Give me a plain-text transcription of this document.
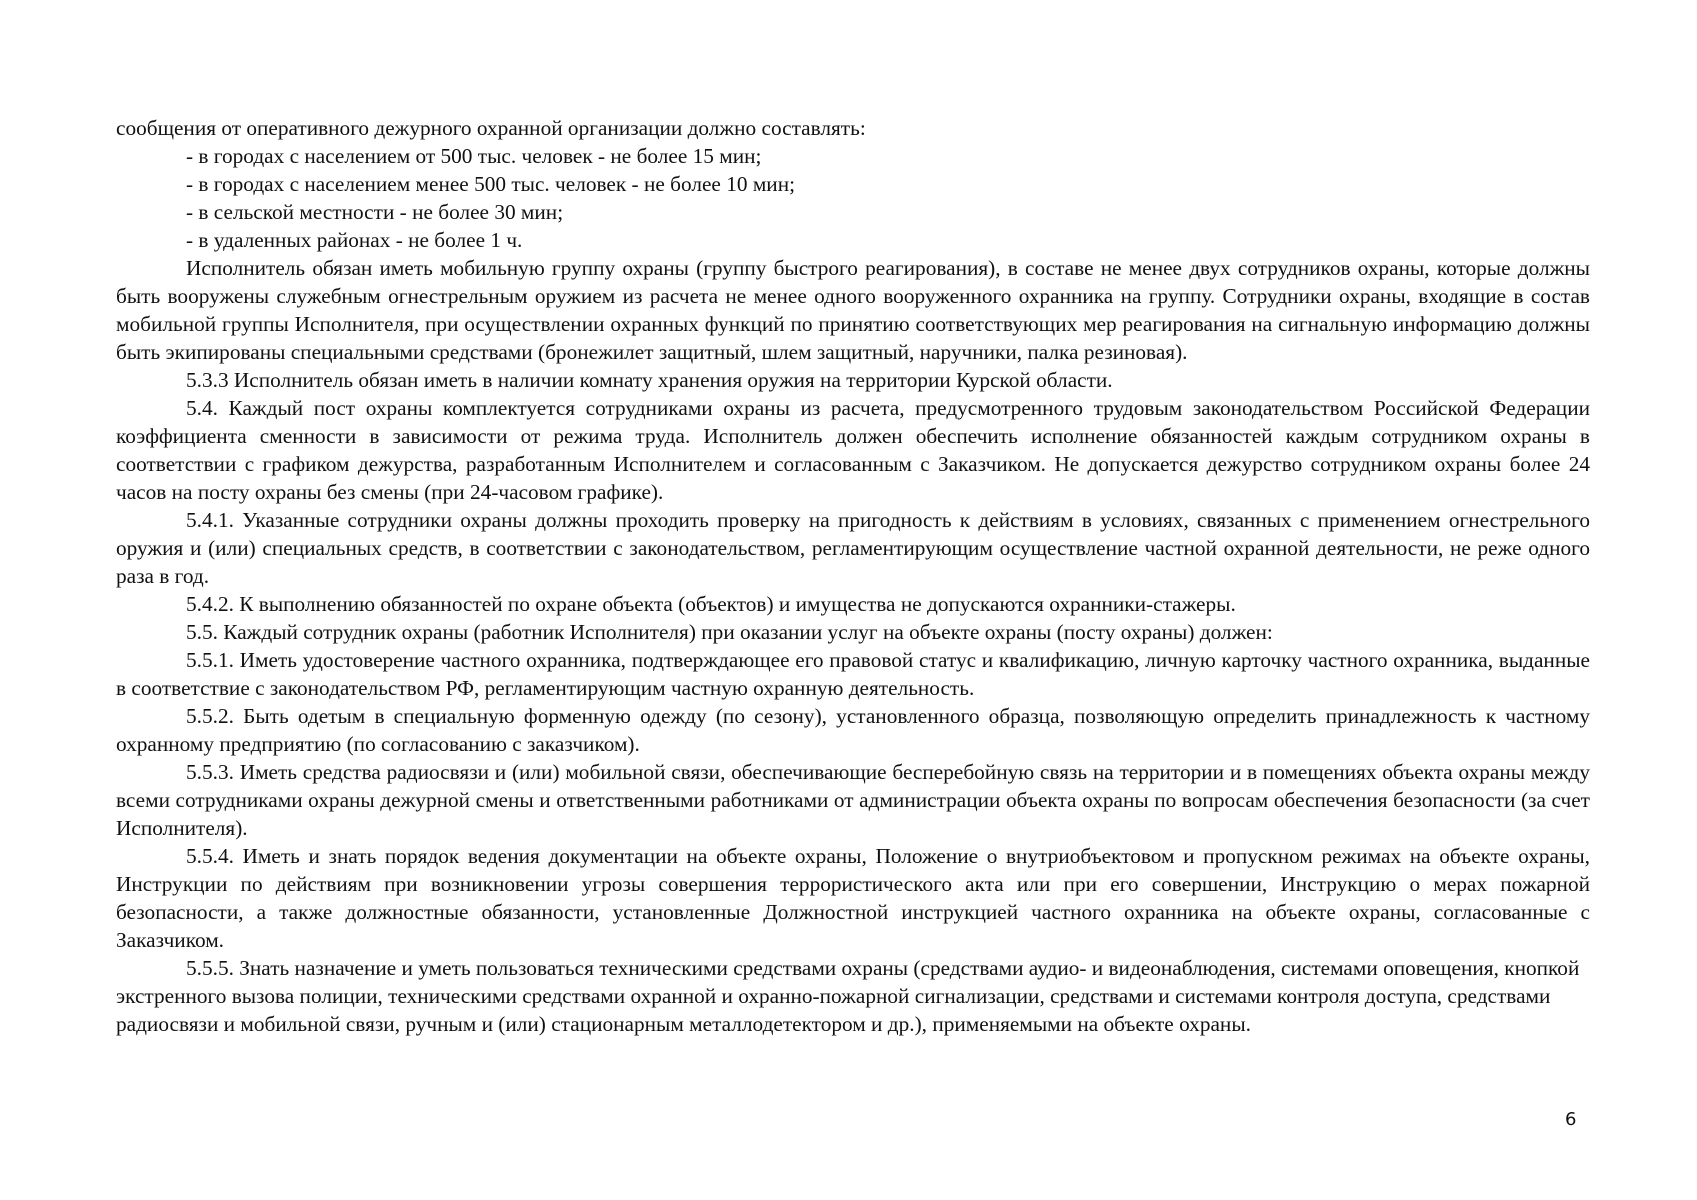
сообщения от оперативного дежурного охранной организации должно составлять:

- в городах с населением от 500 тыс. человек - не более 15 мин;

- в городах с населением менее 500 тыс. человек - не более 10 мин;

- в сельской местности - не более 30 мин;

- в удаленных районах - не более 1 ч.

Исполнитель обязан иметь мобильную группу охраны (группу быстрого реагирования), в составе не менее двух сотрудников охраны, которые должны быть вооружены служебным огнестрельным оружием из расчета не менее одного вооруженного охранника на группу. Сотрудники охраны, входящие в состав мобильной группы Исполнителя, при осуществлении охранных функций по принятию соответствующих мер реагирования на сигнальную информацию должны быть экипированы специальными средствами (бронежилет защитный, шлем защитный, наручники, палка резиновая).

5.3.3 Исполнитель обязан иметь в наличии комнату хранения оружия на территории Курской области.

5.4. Каждый пост охраны комплектуется сотрудниками охраны из расчета, предусмотренного трудовым законодательством Российской Федерации коэффициента сменности в зависимости от режима труда. Исполнитель должен обеспечить исполнение обязанностей каждым сотрудником охраны в соответствии с графиком дежурства, разработанным Исполнителем и согласованным с Заказчиком. Не допускается дежурство сотрудником охраны более 24 часов на посту охраны без смены (при 24-часовом графике).

5.4.1. Указанные сотрудники охраны должны проходить проверку на пригодность к действиям в условиях, связанных с применением огнестрельного оружия и (или) специальных средств, в соответствии с законодательством, регламентирующим осуществление частной охранной деятельности, не реже одного раза в год.

5.4.2. К выполнению обязанностей по охране объекта (объектов) и имущества не допускаются охранники-стажеры.

5.5. Каждый сотрудник охраны (работник Исполнителя) при оказании услуг на объекте охраны (посту охраны) должен:

5.5.1. Иметь удостоверение частного охранника, подтверждающее его правовой статус и квалификацию, личную карточку частного охранника, выданные в соответствие с законодательством РФ, регламентирующим частную охранную деятельность.

5.5.2. Быть одетым в специальную форменную одежду (по сезону), установленного образца, позволяющую определить принадлежность к частному охранному предприятию (по согласованию с заказчиком).

5.5.3. Иметь средства радиосвязи и (или) мобильной связи, обеспечивающие бесперебойную связь на территории и в помещениях объекта охраны между всеми сотрудниками охраны дежурной смены и ответственными работниками от администрации объекта охраны по вопросам обеспечения безопасности (за счет Исполнителя).

5.5.4. Иметь и знать порядок ведения документации на объекте охраны, Положение о внутриобъектовом и пропускном режимах на объекте охраны, Инструкции по действиям при возникновении угрозы совершения террористического акта или при его совершении, Инструкцию о мерах пожарной безопасности, а также должностные обязанности, установленные Должностной инструкцией частного охранника на объекте охраны, согласованные с Заказчиком.

5.5.5. Знать назначение и уметь пользоваться техническими средствами охраны (средствами аудио- и видеонаблюдения, системами оповещения, кнопкой экстренного вызова полиции, техническими средствами охранной и охранно-пожарной сигнализации, средствами и системами контроля доступа, средствами радиосвязи и мобильной связи, ручным и (или) стационарным металлодетектором и др.), применяемыми на объекте охраны.

6
